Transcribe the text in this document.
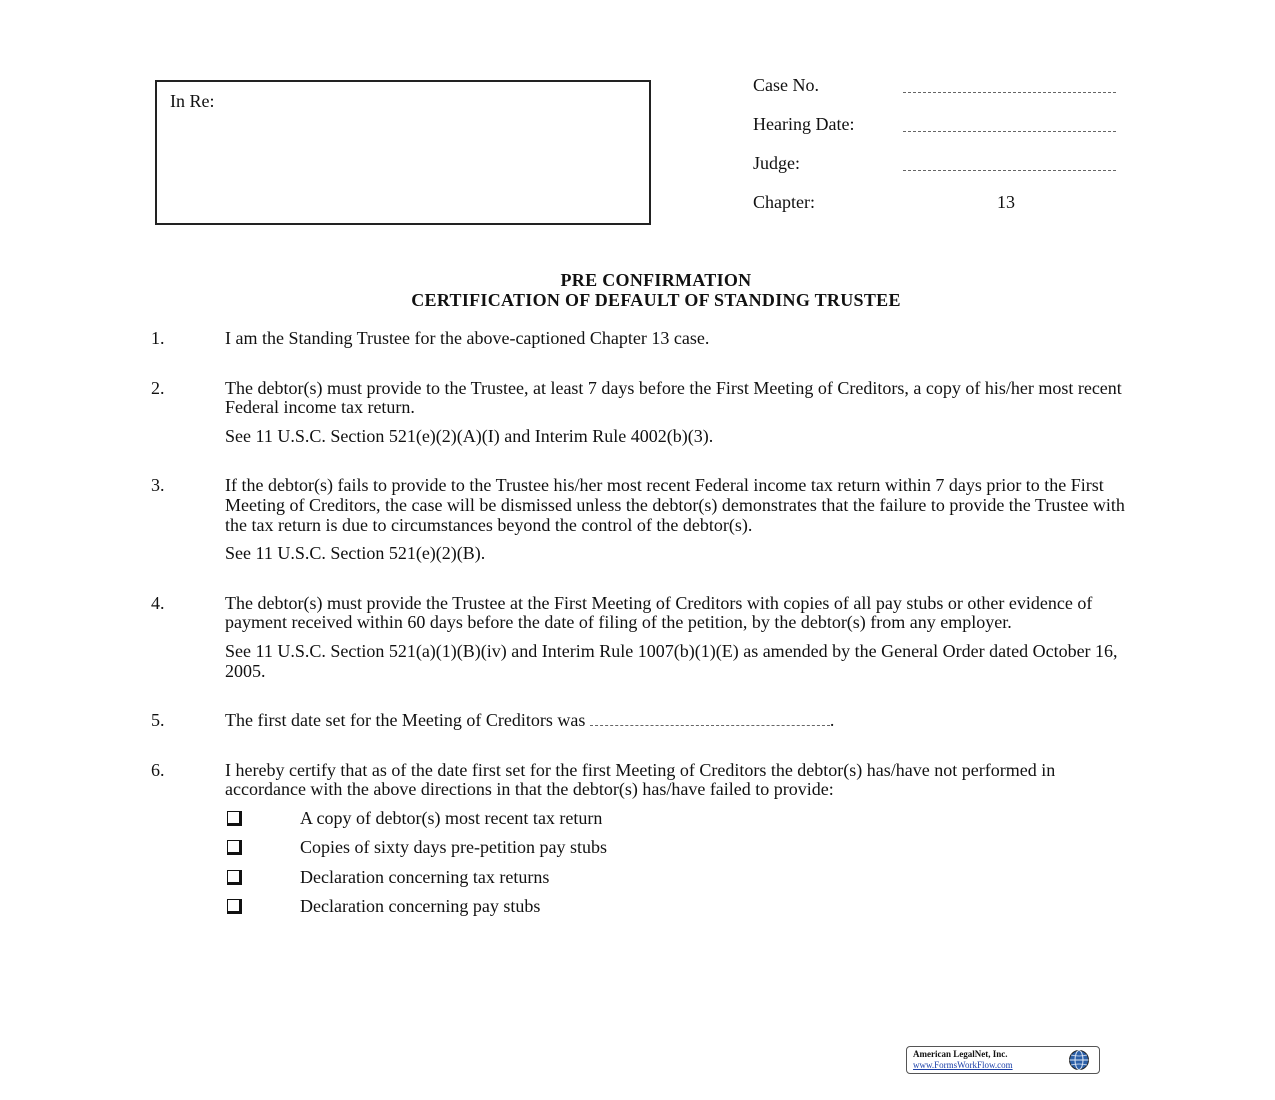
In Re:
Case No.
Hearing Date:
Judge:
Chapter:	13
PRE CONFIRMATION
CERTIFICATION OF DEFAULT OF STANDING TRUSTEE
1.	I am the Standing Trustee for the above-captioned Chapter 13 case.

2.	The debtor(s) must provide to the Trustee, at least 7 days before the First Meeting of Creditors, a copy of his/her most recent Federal income tax return.

See 11 U.S.C. Section 521(e)(2)(A)(I) and Interim Rule 4002(b)(3).

3.	If the debtor(s) fails to provide to the Trustee his/her most recent Federal income tax return within 7 days prior to the First Meeting of Creditors, the case will be dismissed unless the debtor(s) demonstrates that the failure to provide the Trustee with the tax return is due to circumstances beyond the control of the debtor(s).

See 11 U.S.C. Section 521(e)(2)(B).

4.	The debtor(s) must provide the Trustee at the First Meeting of Creditors with copies of all pay stubs or other evidence of payment received within 60 days before the date of filing of the petition, by the debtor(s) from any employer.

See 11 U.S.C. Section 521(a)(1)(B)(iv) and Interim Rule 1007(b)(1)(E) as amended by the General Order dated October 16, 2005.

5.	The first date set for the Meeting of Creditors was	.

6.	I hereby certify that as of the date first set for the first Meeting of Creditors the debtor(s) has/have not performed in accordance with the above directions in that the debtor(s) has/have failed to provide:

A copy of debtor(s) most recent tax return
Copies of sixty days pre-petition pay stubs
Declaration concerning tax returns
Declaration concerning pay stubs
American LegalNet, Inc.
www.FormsWorkFlow.com
